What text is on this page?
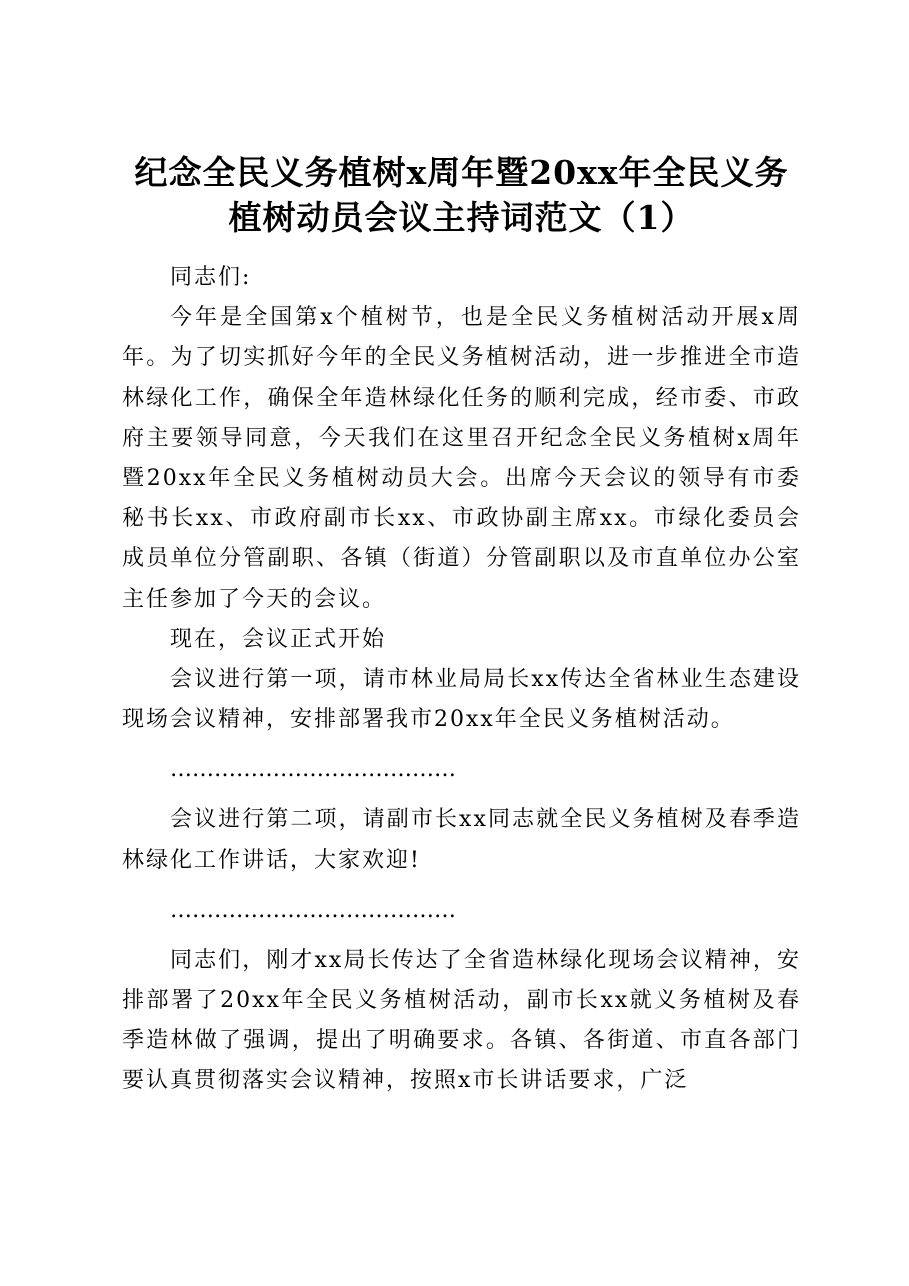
纪念全民义务植树x周年暨20xx年全民义务
植树动员会议主持词范文（1）

同志们:

今年是全国第x个植树节，也是全民义务植树活动开展x周年。为了切实抓好今年的全民义务植树活动，进一步推进全市造林绿化工作，确保全年造林绿化任务的顺利完成，经市委、市政府主要领导同意，今天我们在这里召开纪念全民义务植树x周年暨20xx年全民义务植树动员大会。出席今天会议的领导有市委秘书长xx、市政府副市长xx、市政协副主席xx。市绿化委员会成员单位分管副职、各镇（街道）分管副职以及市直单位办公室主任参加了今天的会议。

现在，会议正式开始

会议进行第一项，请市林业局局长xx传达全省林业生态建设现场会议精神，安排部署我市20xx年全民义务植树活动。

…………………………………

会议进行第二项，请副市长xx同志就全民义务植树及春季造林绿化工作讲话，大家欢迎!

…………………………………

同志们，刚才xx局长传达了全省造林绿化现场会议精神，安排部署了20xx年全民义务植树活动，副市长xx就义务植树及春季造林做了强调，提出了明确要求。各镇、各街道、市直各部门要认真贯彻落实会议精神，按照x市长讲话要求，广泛
